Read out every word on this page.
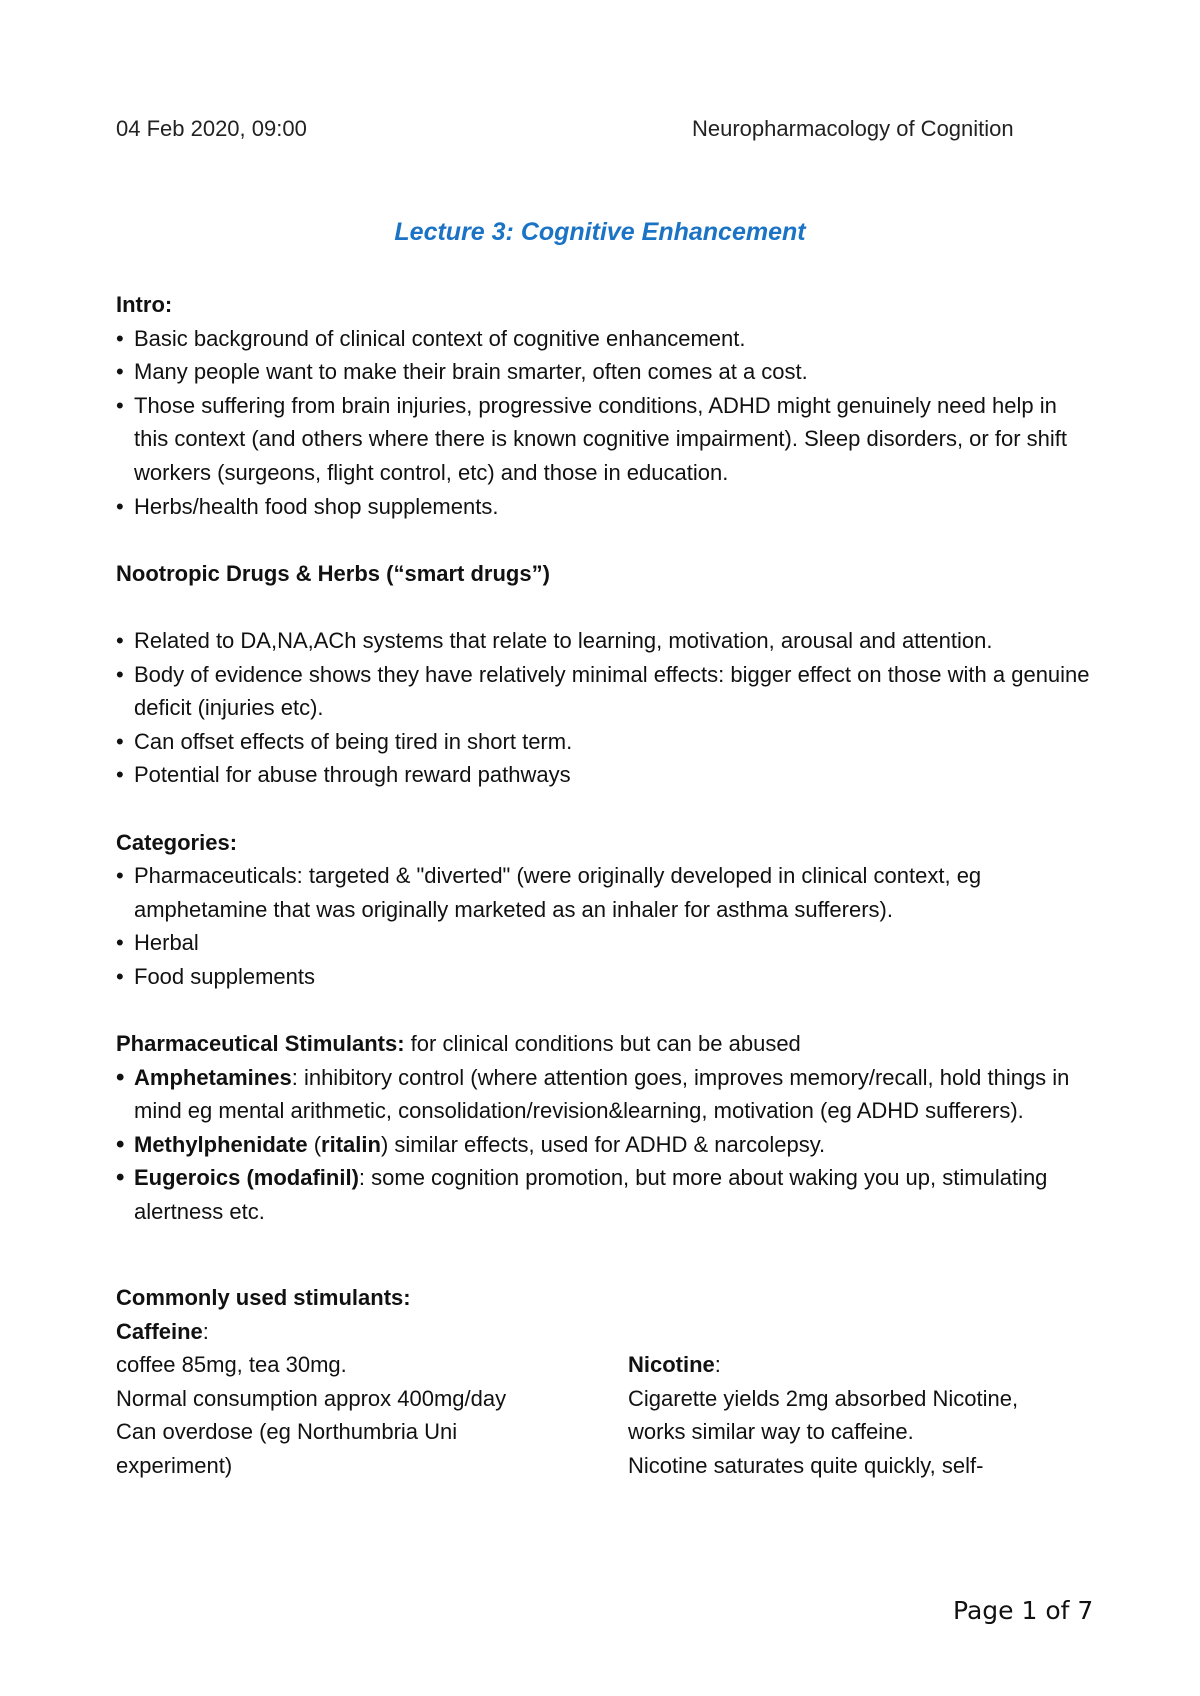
04 Feb 2020, 09:00	Neuropharmacology of Cognition
Lecture 3: Cognitive Enhancement
Intro:
• Basic background of clinical context of cognitive enhancement.
• Many people want to make their brain smarter, often comes at a cost.
• Those suffering from brain injuries, progressive conditions, ADHD might genuinely need help in this context (and others where there is known cognitive impairment). Sleep disorders, or for shift workers (surgeons, flight control, etc) and those in education.
• Herbs/health food shop supplements.
Nootropic Drugs & Herbs (“smart drugs”)
• Related to DA,NA,ACh systems that relate to learning, motivation, arousal and attention.
• Body of evidence shows they have relatively minimal effects: bigger effect on those with a genuine deficit (injuries etc).
• Can offset effects of being tired in short term.
• Potential for abuse through reward pathways
Categories:
• Pharmaceuticals: targeted & "diverted" (were originally developed in clinical context, eg amphetamine that was originally marketed as an inhaler for asthma sufferers).
• Herbal
• Food supplements
Pharmaceutical Stimulants: for clinical conditions but can be abused
• Amphetamines: inhibitory control (where attention goes, improves memory/recall, hold things in mind eg mental arithmetic, consolidation/revision&learning, motivation (eg ADHD sufferers).
• Methylphenidate (ritalin) similar effects, used for ADHD & narcolepsy.
• Eugeroics (modafinil): some cognition promotion, but more about waking you up, stimulating alertness etc.
Commonly used stimulants:
Caffeine:
coffee 85mg, tea 30mg.
Normal consumption approx 400mg/day
Can overdose (eg Northumbria Uni experiment)
Nicotine:
Cigarette yields 2mg absorbed Nicotine, works similar way to caffeine.
Nicotine saturates quite quickly, self-
Page 1 of 7
